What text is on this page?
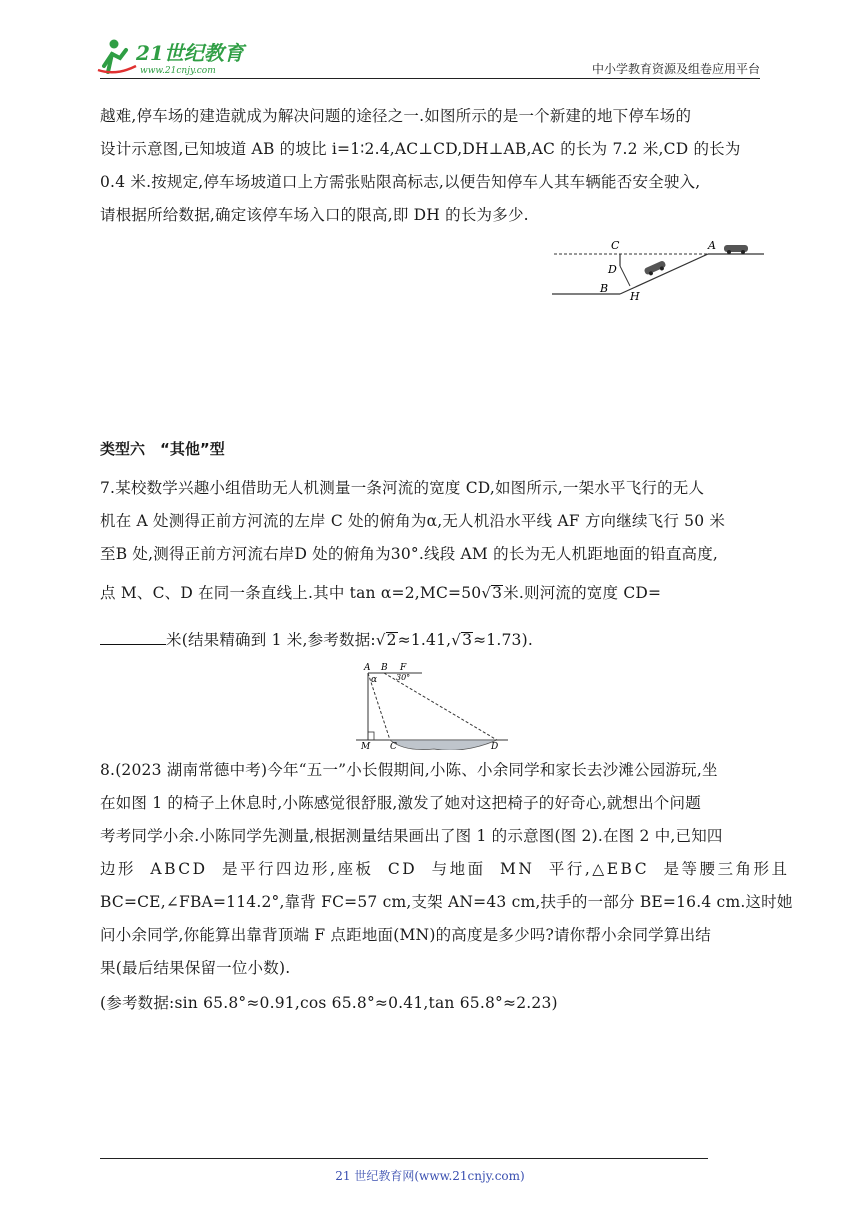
21世纪教育
www.21cnjy.com	中小学教育资源及组卷应用平台
越难,停车场的建造就成为解决问题的途径之一.如图所示的是一个新建的地下停车场的
设计示意图,已知坡道 AB 的坡比 i=1∶2.4,AC⊥CD,DH⊥AB,AC 的长为 7.2 米,CD 的长为
0.4 米.按规定,停车场坡道口上方需张贴限高标志,以便告知停车人其车辆能否安全驶入,
请根据所给数据,确定该停车场入口的限高,即 DH 的长为多少.
C	A
D
B
H
类型六　“其他”型
7.某校数学兴趣小组借助无人机测量一条河流的宽度 CD,如图所示,一架水平飞行的无人
机在 A 处测得正前方河流的左岸 C 处的俯角为α,无人机沿水平线 AF 方向继续飞行 50 米
至B 处,测得正前方河流右岸D 处的俯角为30°.线段 AM 的长为无人机距地面的铅直高度,
点 M、C、D 在同一条直线上.其中 tan α=2,MC=50√3米.则河流的宽度 CD=
米(结果精确到 1 米,参考数据:√2≈1.41,√3≈1.73).
A B F
α 30°
M C	D
8.(2023 湖南常德中考)今年“五一”小长假期间,小陈、小余同学和家长去沙滩公园游玩,坐
在如图 1 的椅子上休息时,小陈感觉很舒服,激发了她对这把椅子的好奇心,就想出个问题
考考同学小余.小陈同学先测量,根据测量结果画出了图 1 的示意图(图 2).在图 2 中,已知四
边形 ABCD 是平行四边形,座板 CD 与地面 MN 平行,△EBC 是等腰三角形且
BC=CE,∠FBA=114.2°,靠背 FC=57 cm,支架 AN=43 cm,扶手的一部分 BE=16.4 cm.这时她
问小余同学,你能算出靠背顶端 F 点距地面(MN)的高度是多少吗?请你帮小余同学算出结
果(最后结果保留一位小数).
(参考数据:sin 65.8°≈0.91,cos 65.8°≈0.41,tan 65.8°≈2.23)
21 世纪教育网(www.21cnjy.com)
